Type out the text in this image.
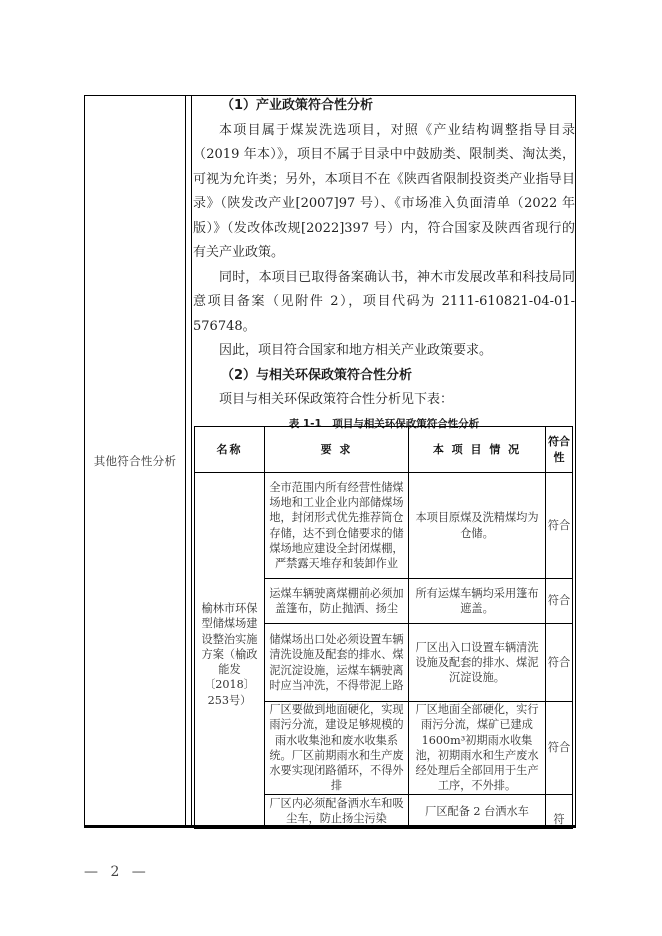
其他符合性分析

（1）产业政策符合性分析

本项目属于煤炭洗选项目，对照《产业结构调整指导目录（2019 年本）》，项目不属于目录中中鼓励类、限制类、淘汰类，可视为允许类；另外，本项目不在《陕西省限制投资类产业指导目录》（陕发改产业[2007]97 号）、《市场准入负面清单（2022 年版）》（发改体改规[2022]397 号）内，符合国家及陕西省现行的有关产业政策。

同时，本项目已取得备案确认书，神木市发展改革和科技局同意项目备案（见附件 2），项目代码为 2111-610821-04-01-576748。

因此，项目符合国家和地方相关产业政策要求。

（2）与相关环保政策符合性分析

项目与相关环保政策符合性分析见下表：

表 1-1　项目与相关环保政策符合性分析
名称	要 求	本 项 目 情 况	符合性
榆林市环保型储煤场建设整治实施方案（榆政能发〔2018〕253号）	全市范围内所有经营性储煤场地和工业企业内部储煤场地，封闭形式优先推荐筒仓存储，达不到仓储要求的储煤场地应建设全封闭煤棚，严禁露天堆存和装卸作业	本项目原煤及洗精煤均为仓储。	符合
	运煤车辆驶离煤棚前必须加盖篷布，防止抛洒、扬尘	所有运煤车辆均采用篷布遮盖。	符合
	储煤场出口处必须设置车辆清洗设施及配套的排水、煤泥沉淀设施，运煤车辆驶离时应当冲洗，不得带泥上路	厂区出入口设置车辆清洗设施及配套的排水、煤泥沉淀设施。	符合
	厂区要做到地面硬化，实现雨污分流，建设足够规模的雨水收集池和废水收集系统。厂区前期雨水和生产废水要实现闭路循环，不得外排	厂区地面全部硬化，实行雨污分流，煤矿已建成1600m³初期雨水收集池，初期雨水和生产废水经处理后全部回用于生产工序，不外排。	符合
	厂区内必须配备洒水车和吸尘车，防止扬尘污染	厂区配备 2 台洒水车	符
— 2 —
